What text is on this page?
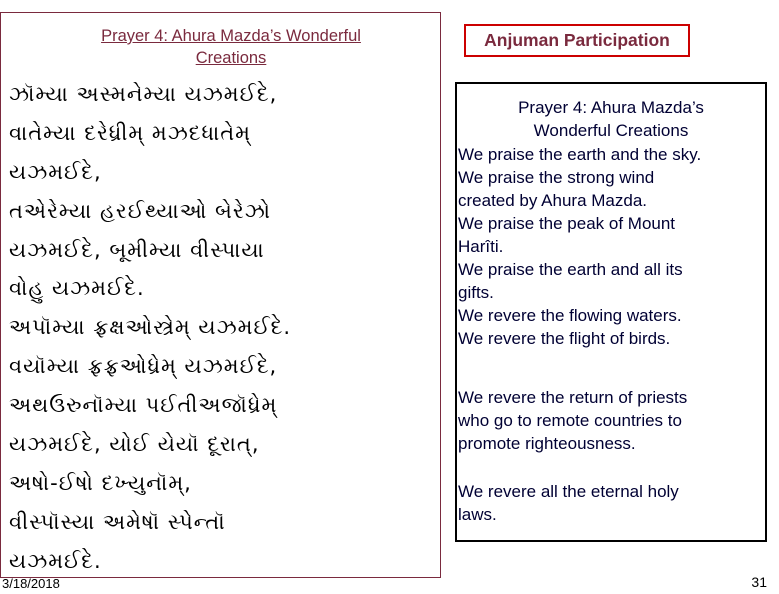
Prayer 4: Ahura Mazda’s Wonderful
Creations
ઝૉમ્યા અસ્મનેમ્યા યઝમઈદે,
વાતેમ્યા દરેધ્રીમ્ મઝદધાતેમ્
યઝમઈદે,
તએરેમ્યા હરઈથ્યાઓ બેરેઝો
યઝમઈદે, બૂમીમ્યા વીસ્પાયા
વોહુ યઝમઈદે.
અપૉમ્યા ફ્રક્ષઓસ્ત્રેમ્ યઝમઈદે.
વયૉમ્યા ફ્રફ્રઓધ્રેમ્ યઝમઈદે,
અથઉરુનૉમ્યા પઈતીઅજૉધ્રેમ્
યઝમઈદે, યોઈ યેયૉ દૂરાત્,
અષો-ઈષો દખ્યુનૉમ્,
વીસ્પૉસ્યા અમેષૉ સ્પેન્તૉ
યઝમઈદે.
Anjuman Participation
Prayer 4: Ahura Mazda’s
Wonderful Creations
We praise the earth and the sky.
We praise the strong wind
created by Ahura Mazda.
We praise the peak of Mount
Harîti.
We praise the earth and all its
gifts.
We revere the flowing waters.
We revere the flight of birds.
We revere the return of priests
who go to remote countries to
promote righteousness.
We revere all the eternal holy
laws.
3/18/2018	31
